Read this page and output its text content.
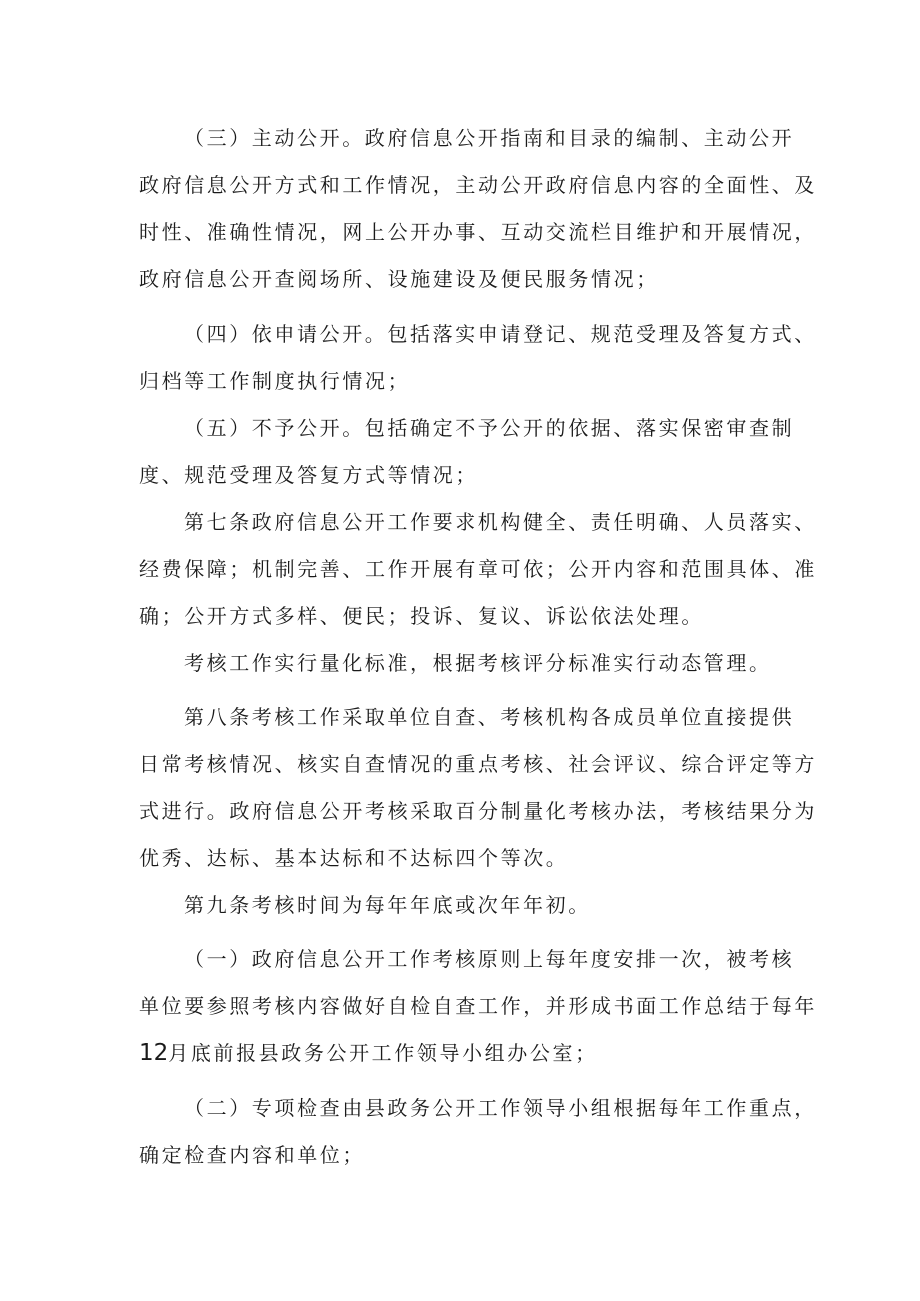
（三）主动公开。政府信息公开指南和目录的编制、主动公开
政府信息公开方式和工作情况，主动公开政府信息内容的全面性、及
时性、准确性情况，网上公开办事、互动交流栏目维护和开展情况，
政府信息公开查阅场所、设施建设及便民服务情况；
（四）依申请公开。包括落实申请登记、规范受理及答复方式、
归档等工作制度执行情况；
（五）不予公开。包括确定不予公开的依据、落实保密审查制
度、规范受理及答复方式等情况；
第七条政府信息公开工作要求机构健全、责任明确、人员落实、
经费保障；机制完善、工作开展有章可依；公开内容和范围具体、准
确；公开方式多样、便民；投诉、复议、诉讼依法处理。
考核工作实行量化标准，根据考核评分标准实行动态管理。
第八条考核工作采取单位自查、考核机构各成员单位直接提供
日常考核情况、核实自查情况的重点考核、社会评议、综合评定等方
式进行。政府信息公开考核采取百分制量化考核办法，考核结果分为
优秀、达标、基本达标和不达标四个等次。
第九条考核时间为每年年底或次年年初。
（一）政府信息公开工作考核原则上每年度安排一次，被考核
单位要参照考核内容做好自检自查工作，并形成书面工作总结于每年
12月底前报县政务公开工作领导小组办公室；
（二）专项检查由县政务公开工作领导小组根据每年工作重点，
确定检查内容和单位；
